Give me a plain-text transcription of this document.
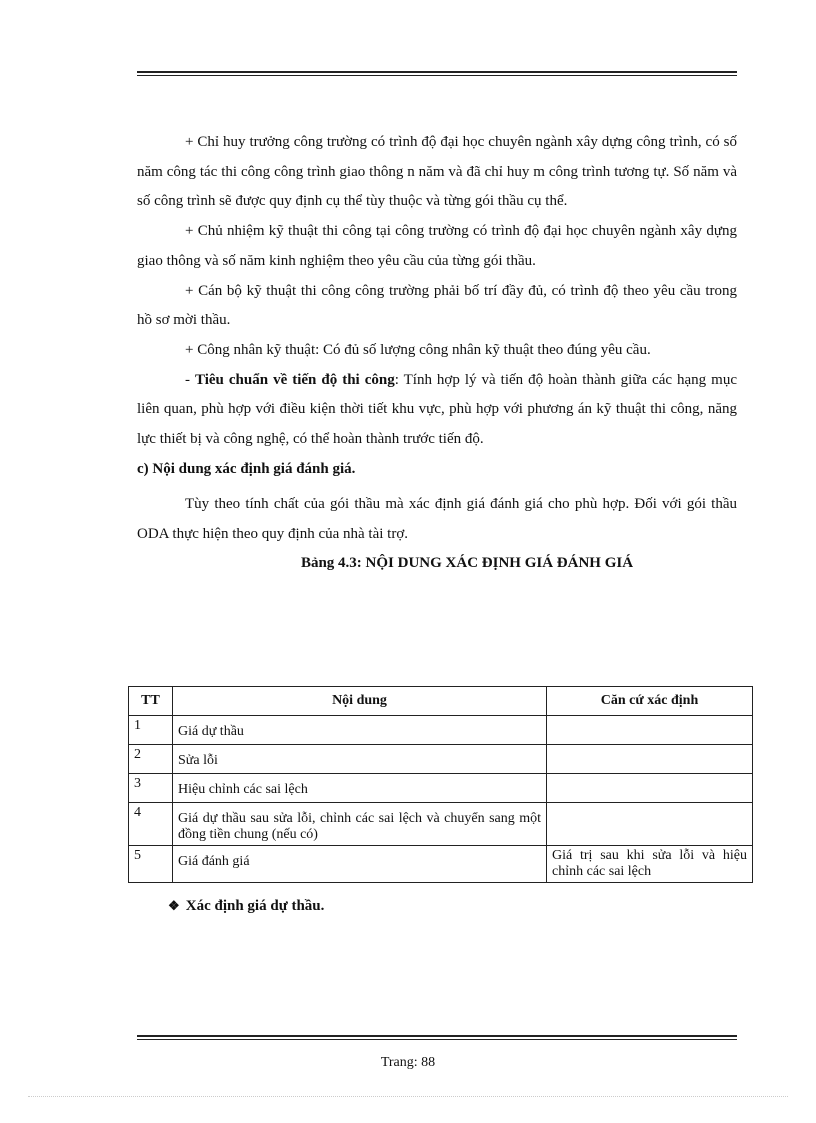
+ Chỉ huy trưởng công trường có trình độ đại học chuyên ngành xây dựng công trình, có số năm công tác thi công công trình giao thông n năm và đã chỉ huy m công trình tương tự. Số năm và số công trình sẽ được quy định cụ thể tùy thuộc và từng gói thầu cụ thể.

+ Chủ nhiệm kỹ thuật thi công tại công trường có trình độ đại học chuyên ngành xây dựng giao thông và số năm kinh nghiệm theo yêu cầu của từng gói thầu.

+ Cán bộ kỹ thuật thi công công trường phải bố trí đầy đủ, có trình độ theo yêu cầu trong hồ sơ mời thầu.

+ Công nhân kỹ thuật: Có đủ số lượng công nhân kỹ thuật theo đúng yêu cầu.

- Tiêu chuẩn về tiến độ thi công: Tính hợp lý và tiến độ hoàn thành giữa các hạng mục liên quan, phù hợp với điều kiện thời tiết khu vực, phù hợp với phương án kỹ thuật thi công, năng lực thiết bị và công nghệ, có thể hoàn thành trước tiến độ.

c) Nội dung xác định giá đánh giá.

Tùy theo tính chất của gói thầu mà xác định giá đánh giá cho phù hợp. Đối với gói thầu ODA thực hiện theo quy định của nhà tài trợ.

Bảng 4.3: NỘI DUNG XÁC ĐỊNH GIÁ ĐÁNH GIÁ

TT	Nội dung	Căn cứ xác định
1	Giá dự thầu	
2	Sửa lỗi	
3	Hiệu chỉnh các sai lệch	
4	Giá dự thầu sau sửa lỗi, chỉnh các sai lệch và chuyển sang một đồng tiền chung (nếu có)	
5	Giá đánh giá	Giá trị sau khi sửa lỗi và hiệu chỉnh các sai lệch
❖ Xác định giá dự thầu.
Trang: 88
